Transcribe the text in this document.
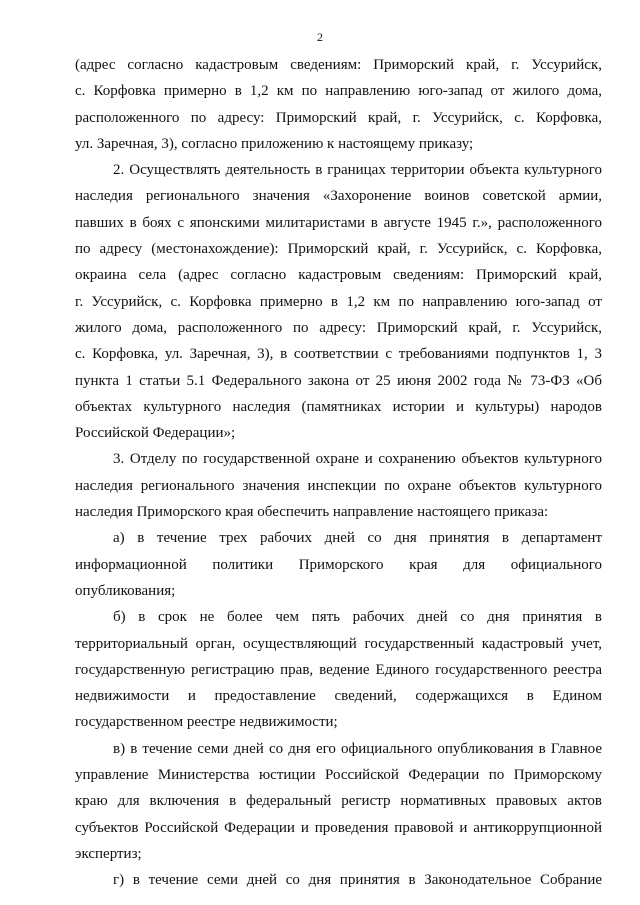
2
(адрес согласно кадастровым сведениям: Приморский край, г. Уссурийск,
с. Корфовка примерно в 1,2 км по направлению юго-запад от жилого дома,
расположенного по адресу: Приморский край, г. Уссурийск, с. Корфовка,
ул. Заречная, 3), согласно приложению к настоящему приказу;
2. Осуществлять деятельность в границах территории объекта культурного
наследия регионального значения «Захоронение воинов советской армии,
павших в боях с японскими милитаристами в августе 1945 г.», расположенного
по адресу (местонахождение): Приморский край, г. Уссурийск, с. Корфовка,
окраина села (адрес согласно кадастровым сведениям: Приморский край,
г. Уссурийск, с. Корфовка примерно в 1,2 км по направлению юго-запад от
жилого дома, расположенного по адресу: Приморский край, г. Уссурийск,
с. Корфовка, ул. Заречная, 3), в соответствии с требованиями подпунктов 1, 3
пункта 1 статьи 5.1 Федерального закона от 25 июня 2002 года № 73-ФЗ «Об
объектах культурного наследия (памятниках истории и культуры) народов
Российской Федерации»;
3. Отделу по государственной охране и сохранению объектов культурного
наследия регионального значения инспекции по охране объектов культурного
наследия Приморского края обеспечить направление настоящего приказа:
а) в течение трех рабочих дней со дня принятия в департамент
информационной политики Приморского края для официального
опубликования;
б) в срок не более чем пять рабочих дней со дня принятия в
территориальный орган, осуществляющий государственный кадастровый учет,
государственную регистрацию прав, ведение Единого государственного реестра
недвижимости и предоставление сведений, содержащихся в Едином
государственном реестре недвижимости;
в) в течение семи дней со дня его официального опубликования в Главное
управление Министерства юстиции Российской Федерации по Приморскому
краю для включения в федеральный регистр нормативных правовых актов
субъектов Российской Федерации и проведения правовой и антикоррупционной
экспертиз;
г) в течение семи дней со дня принятия в Законодательное Собрание
